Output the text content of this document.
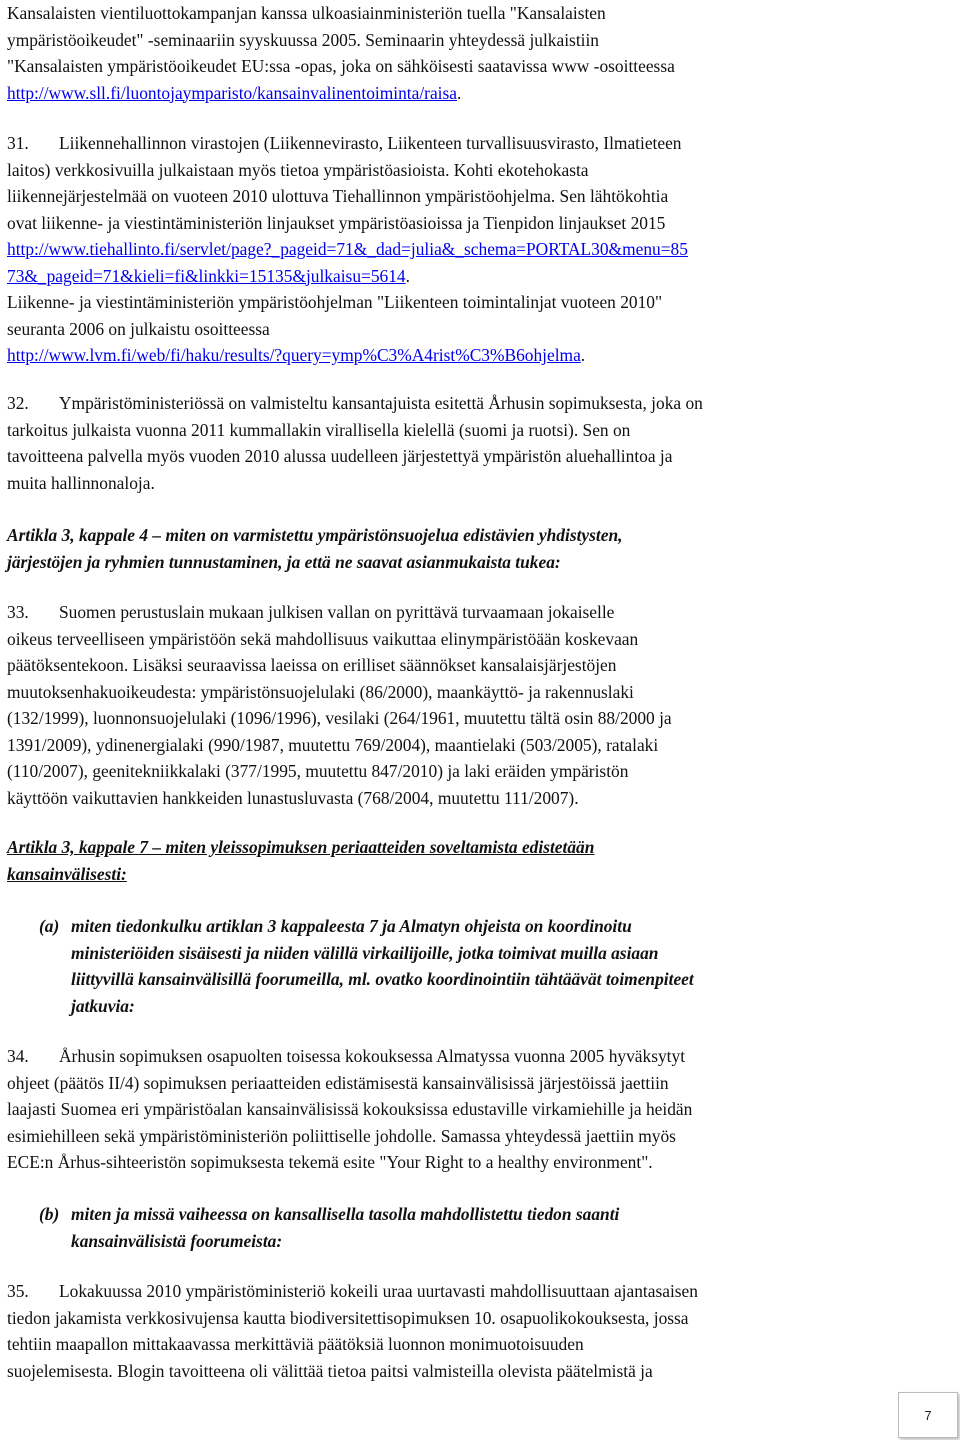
Kansalaisten vientiluottokampanjan kanssa ulkoasiainministeriön tuella "Kansalaisten
ympäristöoikeudet" -seminaariin syyskuussa 2005. Seminaarin yhteydessä julkaistiin
"Kansalaisten ympäristöoikeudet EU:ssa -opas, joka on sähköisesti saatavissa www -osoitteessa
http://www.sll.fi/luontojaymparisto/kansainvalinentoiminta/raisa.
31. Liikennehallinnon virastojen (Liikennevirasto, Liikenteen turvallisuusvirasto, Ilmatieteen
laitos) verkkosivuilla julkaistaan myös tietoa ympäristöasioista. Kohti ekotehokasta
liikennejärjestelmää on vuoteen 2010 ulottuva Tiehallinnon ympäristöohjelma. Sen lähtökohtia
ovat liikenne- ja viestintäministeriön linjaukset ympäristöasioissa ja Tienpidon linjaukset 2015
http://www.tiehallinto.fi/servlet/page?_pageid=71&_dad=julia&_schema=PORTAL30&menu=85
73&_pageid=71&kieli=fi&linkki=15135&julkaisu=5614.
Liikenne- ja viestintäministeriön ympäristöohjelman "Liikenteen toimintalinjat vuoteen 2010"
seuranta 2006 on julkaistu osoitteessa
http://www.lvm.fi/web/fi/haku/results/?query=ymp%C3%A4rist%C3%B6ohjelma.
32. Ympäristöministeriössä on valmisteltu kansantajuista esitettä Århusin sopimuksesta, joka on
tarkoitus julkaista vuonna 2011 kummallakin virallisella kielellä (suomi ja ruotsi). Sen on
tavoitteena palvella myös vuoden 2010 alussa uudelleen järjestettyä ympäristön aluehallintoa ja
muita hallinnonaloja.
Artikla 3, kappale 4 – miten on varmistettu ympäristönsuojelua edistävien yhdistysten,
järjestöjen ja ryhmien tunnustaminen, ja että ne saavat asianmukaista tukea:
33. Suomen perustuslain mukaan julkisen vallan on pyrittävä turvaamaan jokaiselle
oikeus terveelliseen ympäristöön sekä mahdollisuus vaikuttaa elinympäristöään koskevaan
päätöksentekoon. Lisäksi seuraavissa laeissa on erilliset säännökset kansalaisjärjestöjen
muutoksenhakuoikeudesta: ympäristönsuojelulaki (86/2000), maankäyttö- ja rakennuslaki
(132/1999), luonnonsuojelulaki (1096/1996), vesilaki (264/1961, muutettu tältä osin 88/2000 ja
1391/2009), ydinenergialaki (990/1987, muutettu 769/2004), maantielaki (503/2005), ratalaki
(110/2007), geenitekniikkalaki (377/1995, muutettu 847/2010) ja laki eräiden ympäristön
käyttöön vaikuttavien hankkeiden lunastusluvasta (768/2004, muutettu 111/2007).
Artikla 3, kappale 7 – miten yleissopimuksen periaatteiden soveltamista edistetään
kansainvälisesti:
(a) miten tiedonkulku artiklan 3 kappaleesta 7 ja Almatyn ohjeista on koordinoitu
ministeriöiden sisäisesti ja niiden välillä virkailijoille, jotka toimivat muilla asiaan
liittyvillä kansainvälisillä foorumeilla, ml. ovatko koordinointiin tähtäävät toimenpiteet
jatkuvia:
34. Århusin sopimuksen osapuolten toisessa kokouksessa Almatyssa vuonna 2005 hyväksytyt
ohjeet (päätös II/4) sopimuksen periaatteiden edistämisestä kansainvälisissä järjestöissä jaettiin
laajasti Suomea eri ympäristöalan kansainvälisissä kokouksissa edustaville virkamiehille ja heidän
esimiehilleen sekä ympäristöministeriön poliittiselle johdolle. Samassa yhteydessä jaettiin myös
ECE:n Århus-sihteeristön sopimuksesta tekemä esite "Your Right to a healthy environment".
(b) miten ja missä vaiheessa on kansallisella tasolla mahdollistettu tiedon saanti
kansainvälisistä foorumeista:
35. Lokakuussa 2010 ympäristöministeriö kokeili uraa uurtavasti mahdollisuuttaan ajantasaisen
tiedon jakamista verkkosivujensa kautta biodiversitettisopimuksen 10. osapuolikokouksesta, jossa
tehtiin maapallon mittakaavassa merkittäviä päätöksiä luonnon monimuotoisuuden
suojelemisesta. Blogin tavoitteena oli välittää tietoa paitsi valmisteilla olevista päätelmistä ja
7
